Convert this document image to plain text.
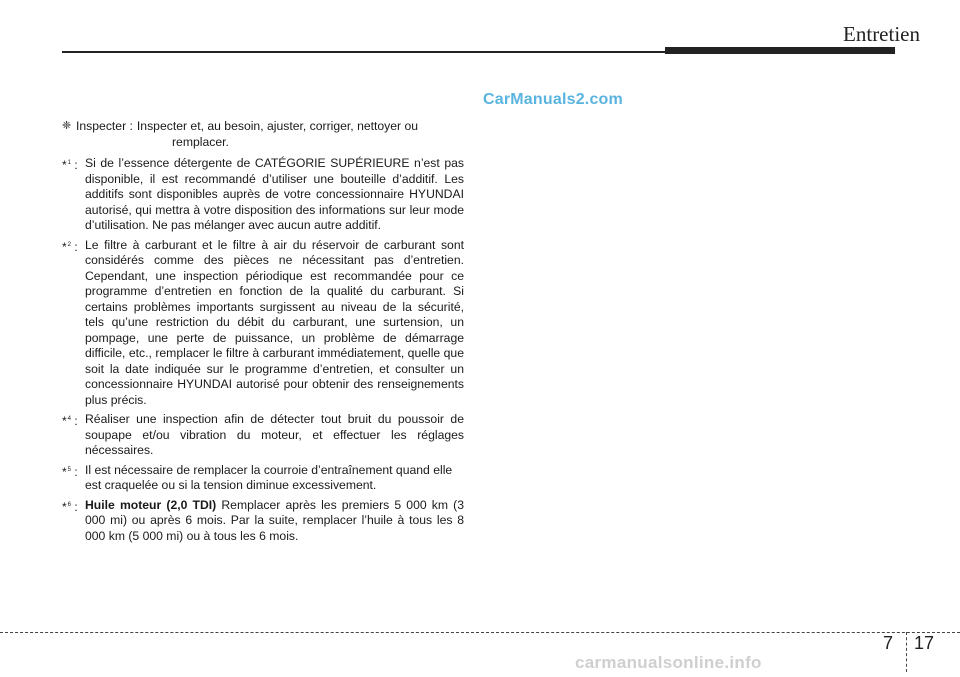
Entretien
CarManuals2.com
❈ Inspecter : Inspecter et, au besoin, ajuster, corriger, nettoyer ou
remplacer.
*$^1$ : Si de l’essence détergente de CATÉGORIE SUPÉRIEURE n’est pas disponible, il est recommandé d’utiliser une bouteille d’additif. Les additifs sont disponibles auprès de votre concessionnaire HYUNDAI autorisé, qui mettra à votre disposition des informations sur leur mode d’utilisation. Ne pas mélanger avec aucun autre additif.
*$^2$ : Le filtre à carburant et le filtre à air du réservoir de carburant sont considérés comme des pièces ne nécessitant pas d’entretien. Cependant, une inspection périodique est recommandée pour ce programme d’entretien en fonction de la qualité du carburant. Si certains problèmes importants surgissent au niveau de la sécurité, tels qu’une restriction du débit du carburant, une surtension, un pompage, une perte de puissance, un problème de démarrage difficile, etc., remplacer le filtre à carburant immédiatement, quelle que soit la date indiquée sur le programme d’entretien, et consulter un concessionnaire HYUNDAI autorisé pour obtenir des renseignements plus précis.
*$^4$ : Réaliser une inspection afin de détecter tout bruit du poussoir de soupape et/ou vibration du moteur, et effectuer les réglages nécessaires.
*$^5$ : Il est nécessaire de remplacer la courroie d’entraînement quand elle est craquelée ou si la tension diminue excessivement.
*$^6$ : Huile moteur (2,0 TDI) Remplacer après les premiers 5 000 km (3 000 mi) ou après 6 mois. Par la suite, remplacer l’huile à tous les 8 000 km (5 000 mi) ou à tous les 6 mois.
7 17
carmanualsonline.info
